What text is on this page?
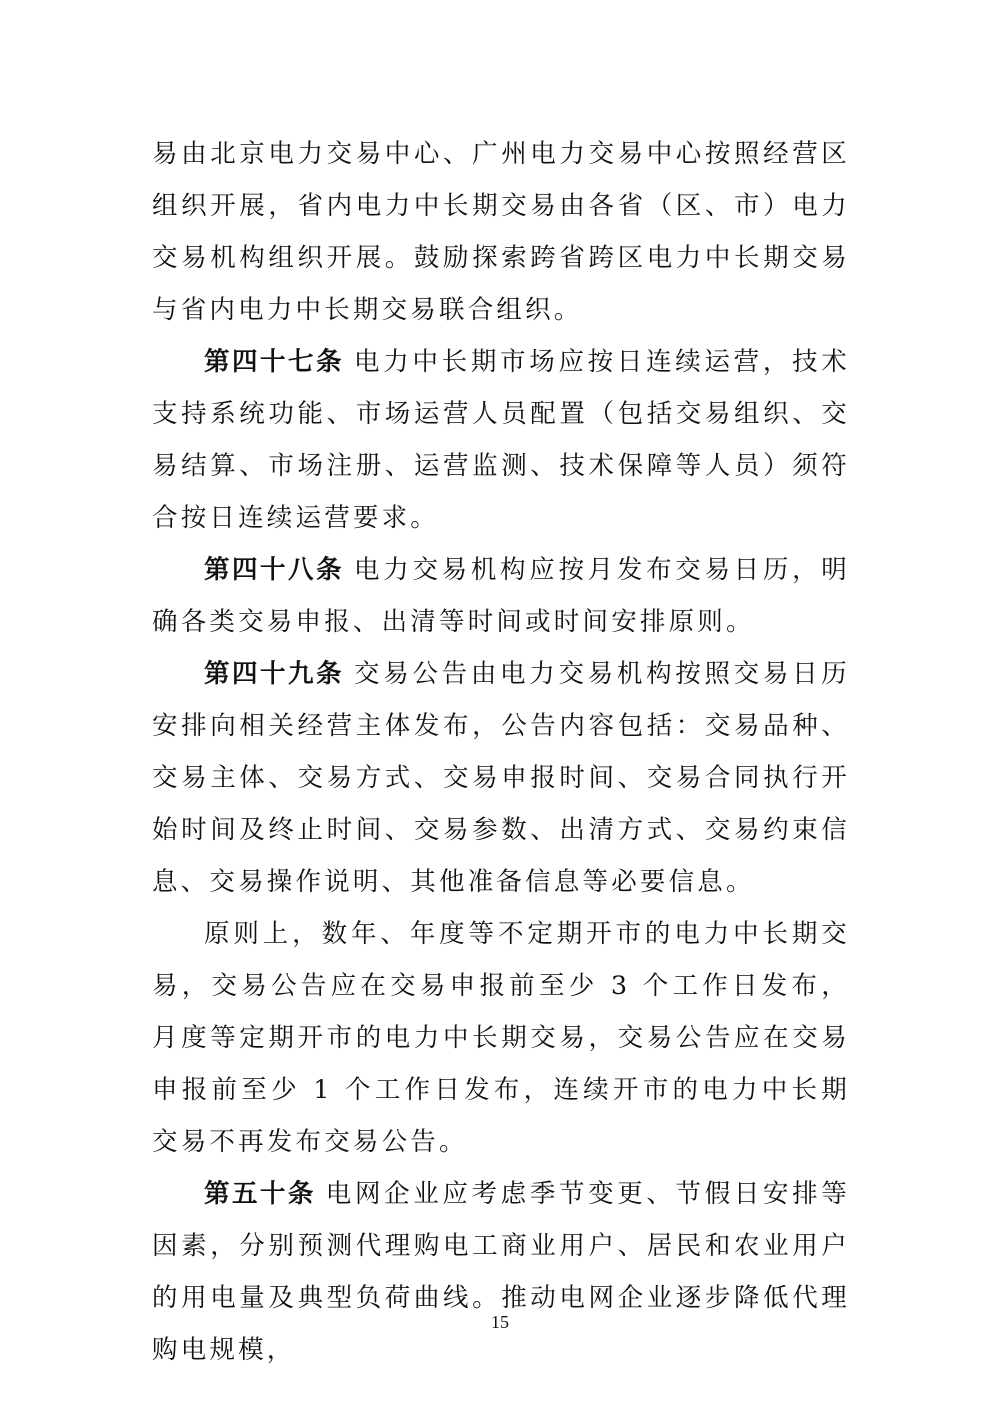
易由北京电力交易中心、广州电力交易中心按照经营区组织开展，省内电力中长期交易由各省（区、市）电力交易机构组织开展。鼓励探索跨省跨区电力中长期交易与省内电力中长期交易联合组织。

第四十七条 电力中长期市场应按日连续运营，技术支持系统功能、市场运营人员配置（包括交易组织、交易结算、市场注册、运营监测、技术保障等人员）须符合按日连续运营要求。

第四十八条 电力交易机构应按月发布交易日历，明确各类交易申报、出清等时间或时间安排原则。

第四十九条 交易公告由电力交易机构按照交易日历安排向相关经营主体发布，公告内容包括：交易品种、交易主体、交易方式、交易申报时间、交易合同执行开始时间及终止时间、交易参数、出清方式、交易约束信息、交易操作说明、其他准备信息等必要信息。

原则上，数年、年度等不定期开市的电力中长期交易，交易公告应在交易申报前至少 3 个工作日发布，月度等定期开市的电力中长期交易，交易公告应在交易申报前至少 1 个工作日发布，连续开市的电力中长期交易不再发布交易公告。

第五十条 电网企业应考虑季节变更、节假日安排等因素，分别预测代理购电工商业用户、居民和农业用户的用电量及典型负荷曲线。推动电网企业逐步降低代理购电规模，

15
